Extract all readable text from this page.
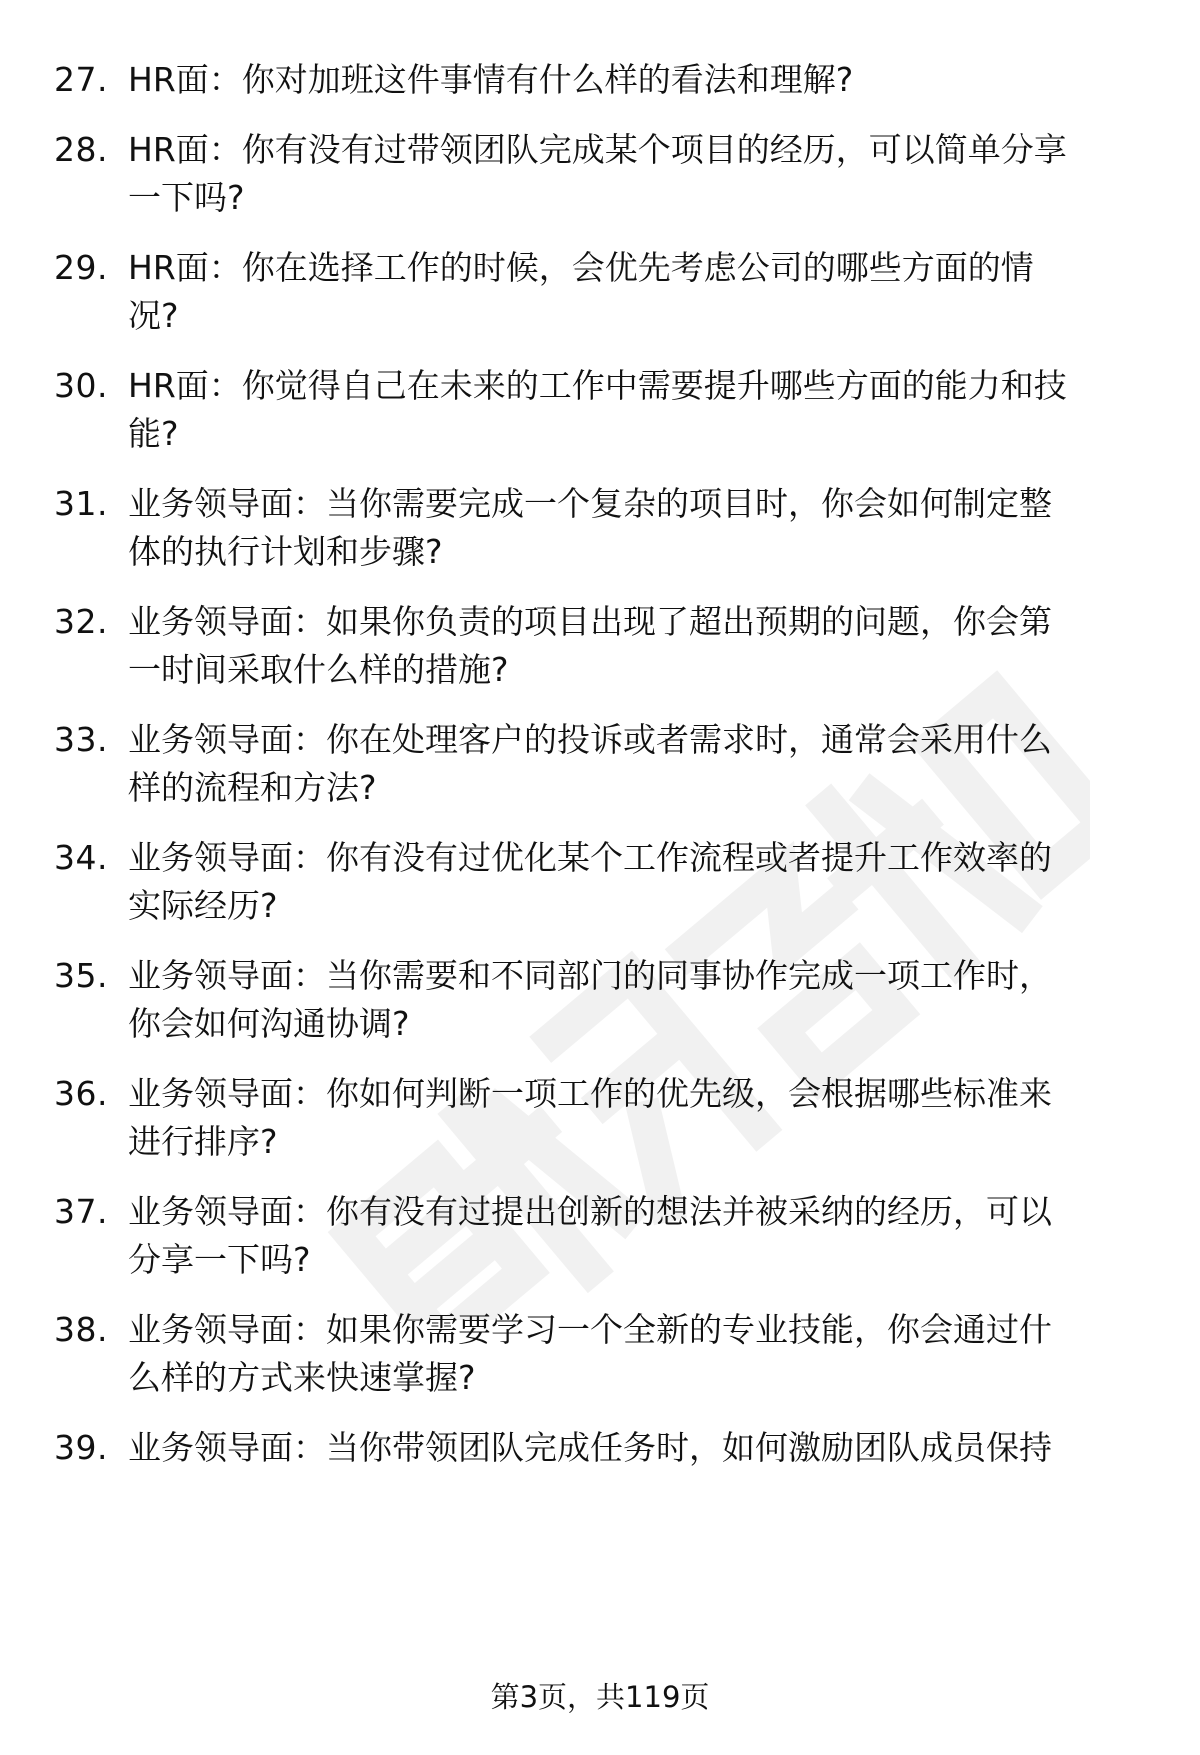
27. HR面：你对加班这件事情有什么样的看法和理解?
28. HR面：你有没有过带领团队完成某个项目的经历，可以简单分享
一下吗?
29. HR面：你在选择工作的时候，会优先考虑公司的哪些方面的情
况?
30. HR面：你觉得自己在未来的工作中需要提升哪些方面的能力和技
能?
31. 业务领导面：当你需要完成一个复杂的项目时，你会如何制定整
体的执行计划和步骤?
32. 业务领导面：如果你负责的项目出现了超出预期的问题，你会第
一时间采取什么样的措施?
33. 业务领导面：你在处理客户的投诉或者需求时，通常会采用什么
样的流程和方法?
34. 业务领导面：你有没有过优化某个工作流程或者提升工作效率的
实际经历?
35. 业务领导面：当你需要和不同部门的同事协作完成一项工作时，
你会如何沟通协调?
36. 业务领导面：你如何判断一项工作的优先级，会根据哪些标准来
进行排序?
37. 业务领导面：你有没有过提出创新的想法并被采纳的经历，可以
分享一下吗?
38. 业务领导面：如果你需要学习一个全新的专业技能，你会通过什
么样的方式来快速掌握?
39. 业务领导面：当你带领团队完成任务时，如何激励团队成员保持
第3页，共119页
